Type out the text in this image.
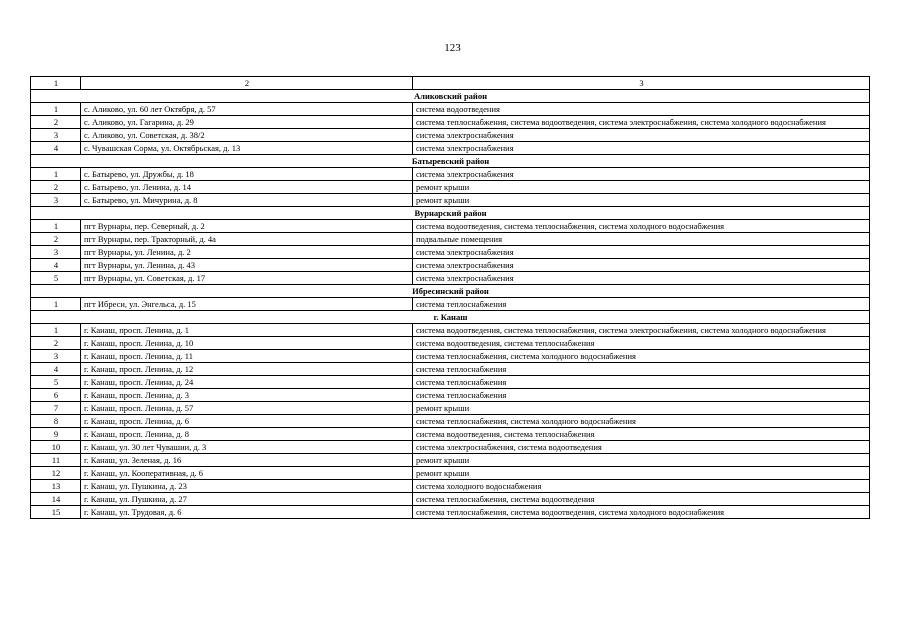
123
1	2	3
Аликовский район		
1	с. Аликово, ул. 60 лет Октября, д. 57	система водоотведения
2	с. Аликово, ул. Гагарина, д. 29	система теплоснабжения, система водоотведения, система электроснабжения, система холодного водоснабжения
3	с. Аликово, ул. Советская, д. 38/2	система электроснабжения
4	с. Чувашская Сорма, ул. Октябрьская, д. 13	система электроснабжения
Батыревский район		
1	с. Батырево, ул. Дружбы, д. 18	система электроснабжения
2	с. Батырево, ул. Ленина, д. 14	ремонт крыши
3	с. Батырево, ул. Мичурина, д. 8	ремонт крыши
Вурнарский район		
1	пгт Вурнары, пер. Северный, д. 2	система водоотведения, система теплоснабжения, система холодного водоснабжения
2	пгт Вурнары, пер. Тракторный, д. 4а	подвальные помещения
3	пгт Вурнары, ул. Ленина, д. 2	система электроснабжения
4	пгт Вурнары, ул. Ленина, д. 43	система электроснабжения
5	пгт Вурнары, ул. Советская, д. 17	система электроснабжения
Ибресинский район		
1	пгт Ибреси, ул. Энгельса, д. 15	система теплоснабжения
г. Канаш		
1	г. Канаш, просп. Ленина, д. 1	система водоотведения, система теплоснабжения, система электроснабжения, система холодного водоснабжения
2	г. Канаш, просп. Ленина, д. 10	система водоотведения, система теплоснабжения
3	г. Канаш, просп. Ленина, д. 11	система теплоснабжения, система холодного водоснабжения
4	г. Канаш, просп. Ленина, д. 12	система теплоснабжения
5	г. Канаш, просп. Ленина, д. 24	система теплоснабжения
6	г. Канаш, просп. Ленина, д. 3	система теплоснабжения
7	г. Канаш, просп. Ленина, д. 57	ремонт крыши
8	г. Канаш, просп. Ленина, д. 6	система теплоснабжения, система холодного водоснабжения
9	г. Канаш, просп. Ленина, д. 8	система водоотведения, система теплоснабжения
10	г. Канаш, ул. 30 лет Чувашии, д. 3	система электроснабжения, система водоотведения
11	г. Канаш, ул. Зеленая, д. 16	ремонт крыши
12	г. Канаш, ул. Кооперативная, д. 6	ремонт крыши
13	г. Канаш, ул. Пушкина, д. 23	система холодного водоснабжения
14	г. Канаш, ул. Пушкина, д. 27	система теплоснабжения, система водоотведения
15	г. Канаш, ул. Трудовая, д. 6	система теплоснабжения, система водоотведения, система холодного водоснабжения
